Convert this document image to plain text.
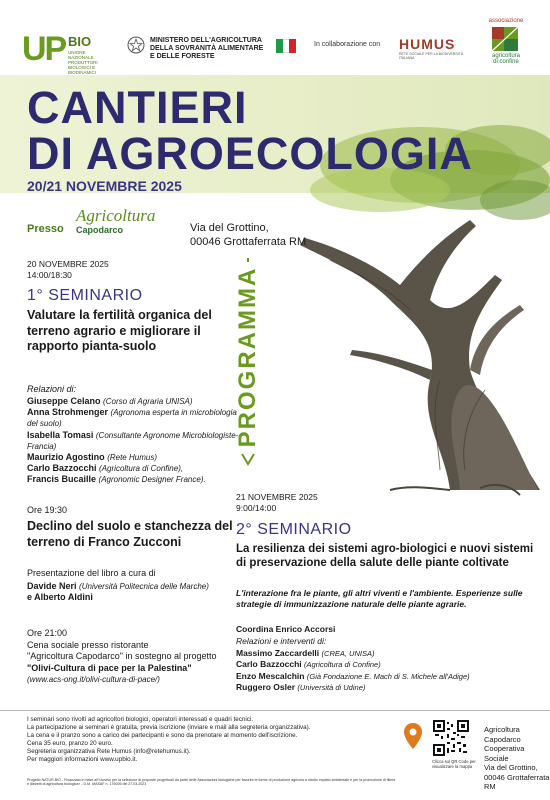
UP BIO
UNIONE NAZIONALE PRODUTTORI BIOLOGICI E BIODINAMICI
MINISTERO DELL'AGRICOLTURA
DELLA SOVRANITÀ ALIMENTARE
E DELLE FORESTE
In collaborazione con HUMUS
RETE SOCIALE PER LA BIODIVERSITÀ ITALIANA
associazione
agricoltura
di confine
CANTIERI
DI AGROECOLOGIA
20/21 NOVEMBRE 2025
Presso
Agricoltura
Capodarco	Via del Grottino,
00046 Grottaferrata RM
PROGRAMMA
20 NOVEMBRE 2025
14:00/18:30
1° SEMINARIO
Valutare la fertilità organica del terreno agrario e migliorare il rapporto pianta-suolo
Relazioni di:
Giuseppe Celano (Corso di Agraria UNISA)
Anna Strohmenger (Agronoma esperta in microbiologia del suolo)
Isabella Tomasi (Consultante Agronome Microbiologiste- Francia)
Maurizio Agostino (Rete Humus)
Carlo Bazzocchi (Agricoltura di Confine),
Francis Bucaille (Agronomic Designer France).
Ore 19:30
Declino del suolo e stanchezza del terreno di Franco Zucconi
Presentazione del libro a cura di
Davide Neri (Università Politecnica delle Marche)
e Alberto Aldini
Ore 21:00
Cena sociale presso ristorante
"Agricoltura Capodarco" in sostegno al progetto
"Olivi-Cultura di pace per la Palestina"
(www.acs-ong.it/olivi-cultura-di-pace/)
21 NOVEMBRE 2025
9:00/14:00
2° SEMINARIO
La resilienza dei sistemi agro-biologici e nuovi sistemi di preservazione della salute delle piante coltivate
L'interazione fra le piante, gli altri viventi e l'ambiente. Esperienze sulle strategie di immunizzazione naturale delle piante agrarie.
Coordina Enrico Accorsi
Relazioni e interventi di:
Massimo Zaccardelli (CREA, UNISA)
Carlo Bazzocchi (Agricoltura di Confine)
Enzo Mescalchin (Già Fondazione E. Mach di S. Michele all'Adige)
Ruggero Osler (Università di Udine)
I seminari sono rivolti ad agricoltori biologici, operatori interessati e quadri tecnici.
La partecipazione ai seminari è gratuita, previa iscrizione (inviare e mail alla segreteria organizzativa).
La cena e il pranzo sono a carico dei partecipanti e sono da prenotare al momento dell'iscrizione.
Cena 35 euro, pranzo 20 euro.
Segreteria organizzativa Rete Humus (info@retehumus.it).
Per maggiori informazioni www.upbio.it.
Progetto NATUR.BIO - Finanziato in base all'«Avviso per la selezione di proposte progettuali da parte delle Associazioni biologiche per favorire le forme di produzione agricola a ridotto impatto ambientale e per la promozione di filiere e distretti di agricoltura biologica» - D.M. MASAF n. 176926 del 27.03.2023
Clicca sul QR Code per visualizzare la mappa
Agricoltura Capodarco
Cooperativa Sociale
Via del Grottino,
00046 Grottaferrata RM
